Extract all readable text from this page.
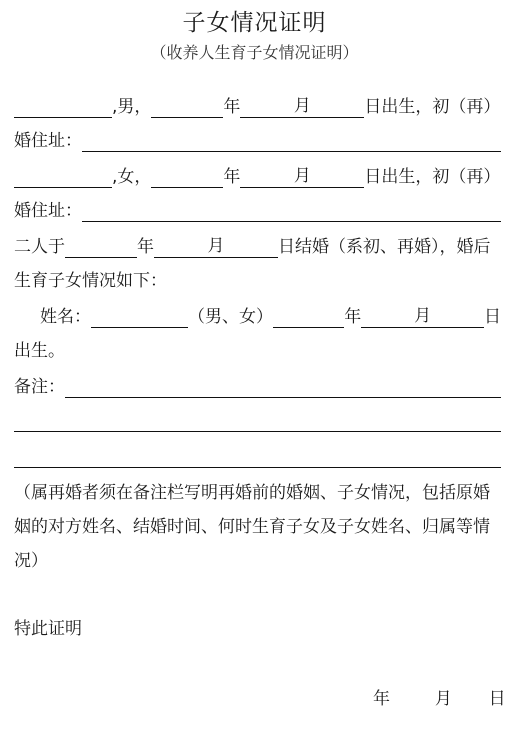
子女情况证明
（收养人生育子女情况证明）
,男，	年	月	日出生，初（再）
婚住址：
,女，	年	月	日出生，初（再）
婚住址：
二人于	年	月	日结婚（系初、再婚），婚后
生育子女情况如下：
姓名：	（男、女）	年	月	日
出生。
备注：
（属再婚者须在备注栏写明再婚前的婚姻、子女情况，包括原婚姻的对方姓名、结婚时间、何时生育子女及子女姓名、归属等情况）
特此证明
年	月 日
